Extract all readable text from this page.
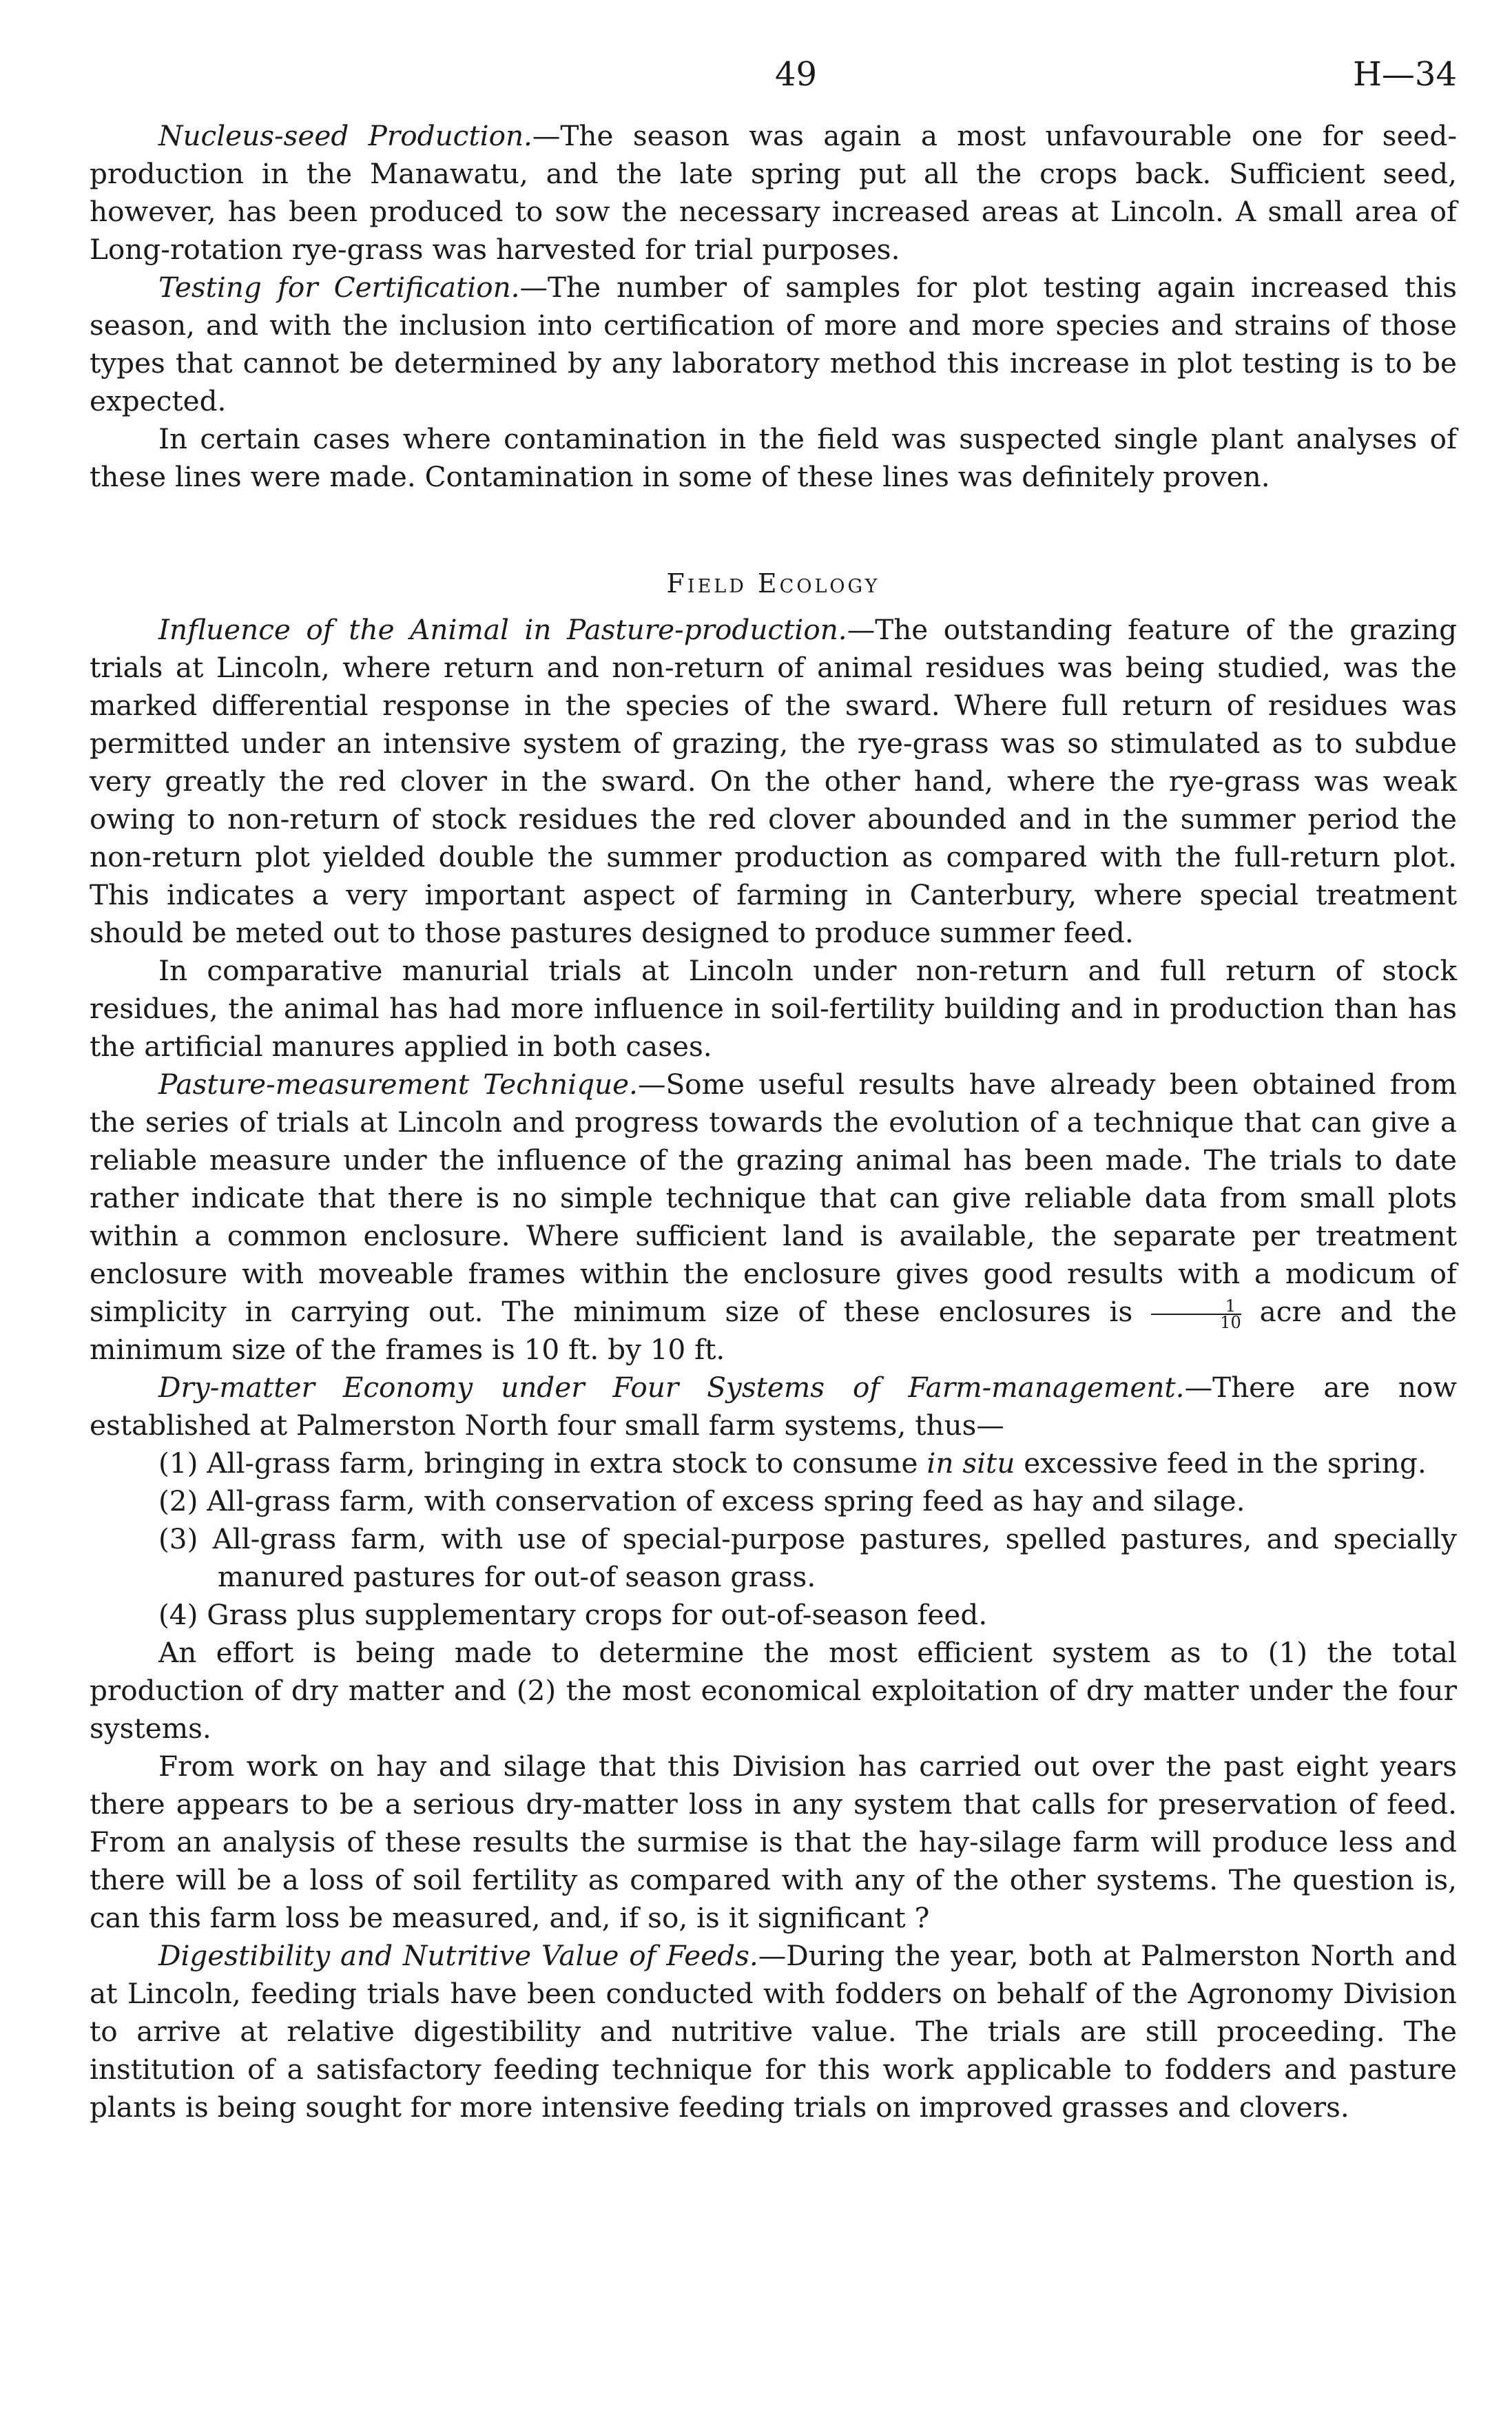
49	H—34

Nucleus-seed Production.—The season was again a most unfavourable one for seed-production in the Manawatu, and the late spring put all the crops back. Sufficient seed, however, has been produced to sow the necessary increased areas at Lincoln. A small area of Long-rotation rye-grass was harvested for trial purposes.

Testing for Certification.—The number of samples for plot testing again increased this season, and with the inclusion into certification of more and more species and strains of those types that cannot be determined by any laboratory method this increase in plot testing is to be expected.

In certain cases where contamination in the field was suspected single plant analyses of these lines were made. Contamination in some of these lines was definitely proven.

Field Ecology

Influence of the Animal in Pasture-production.—The outstanding feature of the grazing trials at Lincoln, where return and non-return of animal residues was being studied, was the marked differential response in the species of the sward. Where full return of residues was permitted under an intensive system of grazing, the rye-grass was so stimulated as to subdue very greatly the red clover in the sward. On the other hand, where the rye-grass was weak owing to non-return of stock residues the red clover abounded and in the summer period the non-return plot yielded double the summer production as compared with the full-return plot. This indicates a very important aspect of farming in Canterbury, where special treatment should be meted out to those pastures designed to produce summer feed.

In comparative manurial trials at Lincoln under non-return and full return of stock residues, the animal has had more influence in soil-fertility building and in production than has the artificial manures applied in both cases.

Pasture-measurement Technique.—Some useful results have already been obtained from the series of trials at Lincoln and progress towards the evolution of a technique that can give a reliable measure under the influence of the grazing animal has been made. The trials to date rather indicate that there is no simple technique that can give reliable data from small plots within a common enclosure. Where sufficient land is available, the separate per treatment enclosure with moveable frames within the enclosure gives good results with a modicum of simplicity in carrying out. The minimum size of these enclosures is $\frac{1}{10}$ acre and the minimum size of the frames is 10 ft. by 10 ft.

Dry-matter Economy under Four Systems of Farm-management.—There are now established at Palmerston North four small farm systems, thus—

(1) All-grass farm, bringing in extra stock to consume in situ excessive feed in the spring.
(2) All-grass farm, with conservation of excess spring feed as hay and silage.
(3) All-grass farm, with use of special-purpose pastures, spelled pastures, and specially manured pastures for out-of season grass.
(4) Grass plus supplementary crops for out-of-season feed.

An effort is being made to determine the most efficient system as to (1) the total production of dry matter and (2) the most economical exploitation of dry matter under the four systems.

From work on hay and silage that this Division has carried out over the past eight years there appears to be a serious dry-matter loss in any system that calls for preservation of feed. From an analysis of these results the surmise is that the hay-silage farm will produce less and there will be a loss of soil fertility as compared with any of the other systems. The question is, can this farm loss be measured, and, if so, is it significant ?

Digestibility and Nutritive Value of Feeds.—During the year, both at Palmerston North and at Lincoln, feeding trials have been conducted with fodders on behalf of the Agronomy Division to arrive at relative digestibility and nutritive value. The trials are still proceeding. The institution of a satisfactory feeding technique for this work applicable to fodders and pasture plants is being sought for more intensive feeding trials on improved grasses and clovers.
